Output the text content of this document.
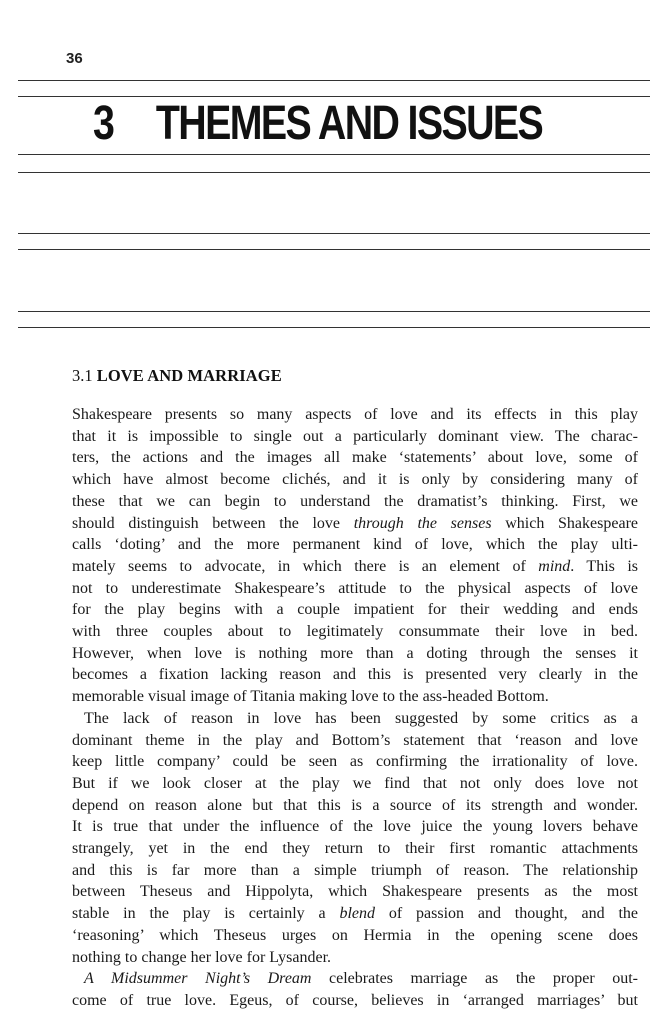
36
3 THEMES AND ISSUES
3.1 LOVE AND MARRIAGE

Shakespeare presents so many aspects of love and its effects in this play

that it is impossible to single out a particularly dominant view. The charac-

ters, the actions and the images all make ‘statements’ about love, some of

which have almost become clichés, and it is only by considering many of

these that we can begin to understand the dramatist’s thinking. First, we

should distinguish between the love through the senses which Shakespeare

calls ‘doting’ and the more permanent kind of love, which the play ulti-

mately seems to advocate, in which there is an element of mind. This is

not to underestimate Shakespeare’s attitude to the physical aspects of love

for the play begins with a couple impatient for their wedding and ends

with three couples about to legitimately consummate their love in bed.

However, when love is nothing more than a doting through the senses it

becomes a fixation lacking reason and this is presented very clearly in the

memorable visual image of Titania making love to the ass-headed Bottom.

The lack of reason in love has been suggested by some critics as a

dominant theme in the play and Bottom’s statement that ‘reason and love

keep little company’ could be seen as confirming the irrationality of love.

But if we look closer at the play we find that not only does love not

depend on reason alone but that this is a source of its strength and wonder.

It is true that under the influence of the love juice the young lovers behave

strangely, yet in the end they return to their first romantic attachments

and this is far more than a simple triumph of reason. The relationship

between Theseus and Hippolyta, which Shakespeare presents as the most

stable in the play is certainly a blend of passion and thought, and the

‘reasoning’ which Theseus urges on Hermia in the opening scene does

nothing to change her love for Lysander.

A Midsummer Night’s Dream celebrates marriage as the proper out-

come of true love. Egeus, of course, believes in ‘arranged marriages’ but
